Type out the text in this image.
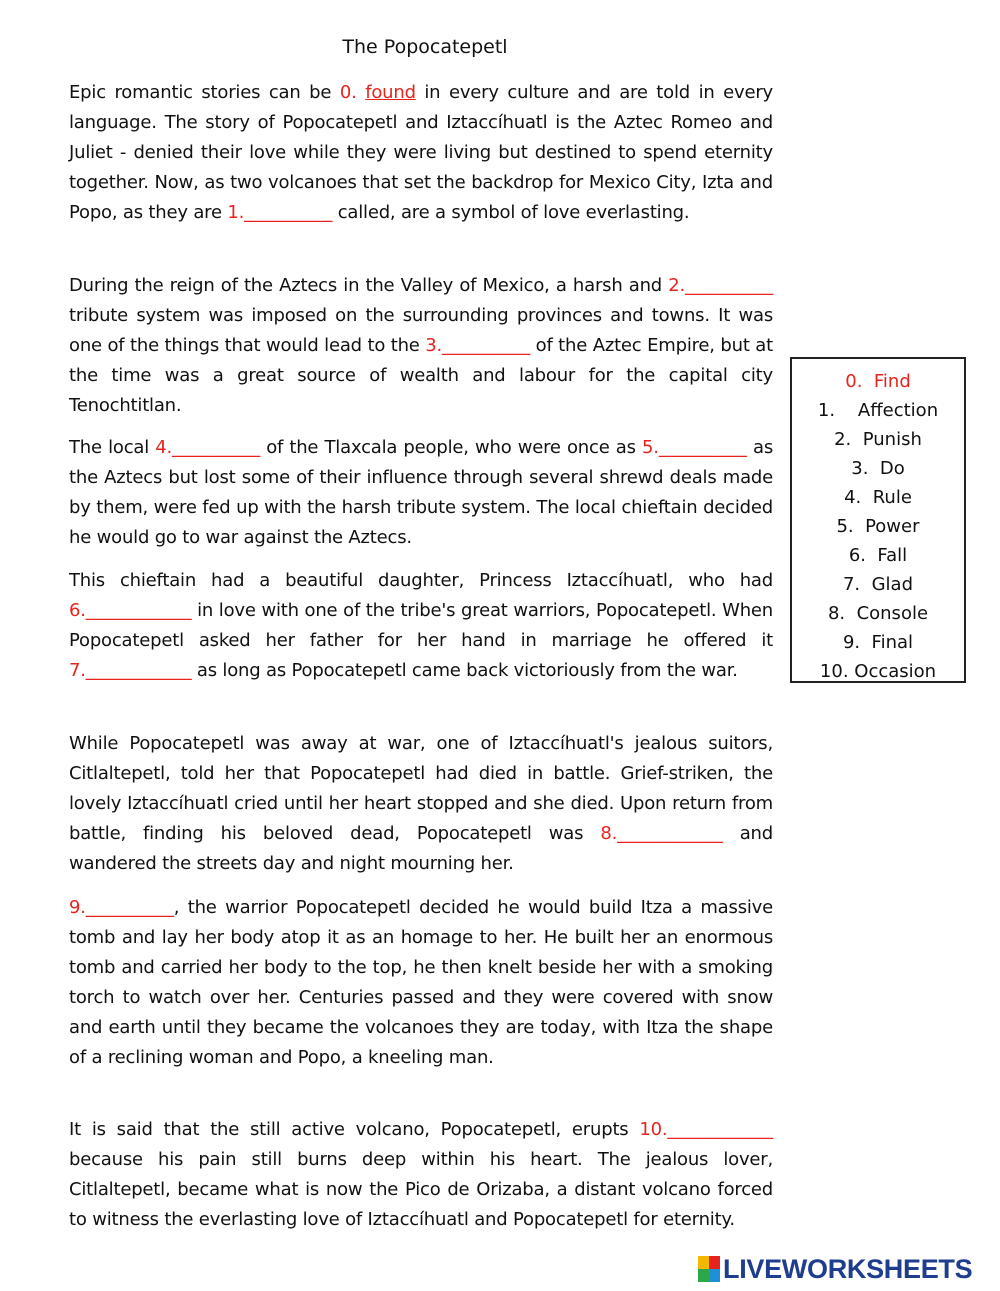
The Popocatepetl

Epic romantic stories can be 0. found in every culture and are told in every language. The story of Popocatepetl and Iztaccíhuatl is the Aztec Romeo and Juliet - denied their love while they were living but destined to spend eternity together. Now, as two volcanoes that set the backdrop for Mexico City, Izta and Popo, as they are 1.__________ called, are a symbol of love everlasting.

During the reign of the Aztecs in the Valley of Mexico, a harsh and 2.__________ tribute system was imposed on the surrounding provinces and towns. It was one of the things that would lead to the 3.__________ of the Aztec Empire, but at the time was a great source of wealth and labour for the capital city Tenochtitlan.

The local 4.__________ of the Tlaxcala people, who were once as 5.__________ as the Aztecs but lost some of their influence through several shrewd deals made by them, were fed up with the harsh tribute system. The local chieftain decided he would go to war against the Aztecs.

This chieftain had a beautiful daughter, Princess Iztaccíhuatl, who had 6.____________ in love with one of the tribe's great warriors, Popocatepetl. When Popocatepetl asked her father for her hand in marriage he offered it 7.____________ as long as Popocatepetl came back victoriously from the war.

While Popocatepetl was away at war, one of Iztaccíhuatl's jealous suitors, Citlaltepetl, told her that Popocatepetl had died in battle. Grief-striken, the lovely Iztaccíhuatl cried until her heart stopped and she died. Upon return from battle, finding his beloved dead, Popocatepetl was 8.____________ and wandered the streets day and night mourning her.

9.__________, the warrior Popocatepetl decided he would build Itza a massive tomb and lay her body atop it as an homage to her. He built her an enormous tomb and carried her body to the top, he then knelt beside her with a smoking torch to watch over her. Centuries passed and they were covered with snow and earth until they became the volcanoes they are today, with Itza the shape of a reclining woman and Popo, a kneeling man.

It is said that the still active volcano, Popocatepetl, erupts 10.____________ because his pain still burns deep within his heart. The jealous lover, Citlaltepetl, became what is now the Pico de Orizaba, a distant volcano forced to witness the everlasting love of Iztaccíhuatl and Popocatepetl for eternity.

0.  Find
1.    Affection
2.  Punish
3.  Do
4.  Rule
5.  Power
6.  Fall
7.  Glad
8.  Console
9.  Final
10. Occasion
LIVEWORKSHEETS
